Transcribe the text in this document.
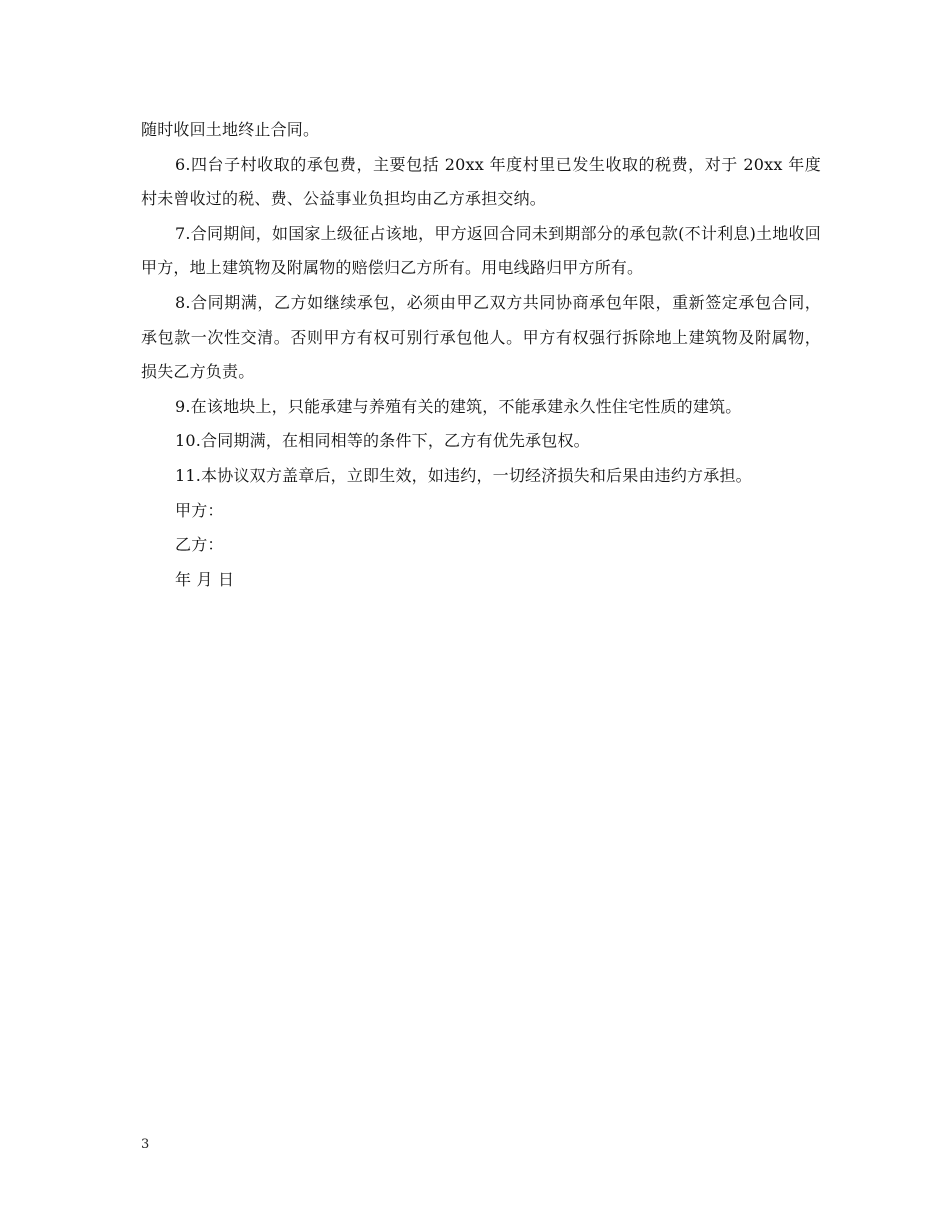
随时收回土地终止合同。

6.四台子村收取的承包费，主要包括 20xx 年度村里已发生收取的税费，对于 20xx 年度村未曾收过的税、费、公益事业负担均由乙方承担交纳。

7.合同期间，如国家上级征占该地，甲方返回合同未到期部分的承包款(不计利息)土地收回甲方，地上建筑物及附属物的赔偿归乙方所有。用电线路归甲方所有。

8.合同期满，乙方如继续承包，必须由甲乙双方共同协商承包年限，重新签定承包合同，承包款一次性交清。否则甲方有权可别行承包他人。甲方有权强行拆除地上建筑物及附属物，损失乙方负责。

9.在该地块上，只能承建与养殖有关的建筑，不能承建永久性住宅性质的建筑。

10.合同期满，在相同相等的条件下，乙方有优先承包权。

11.本协议双方盖章后，立即生效，如违约，一切经济损失和后果由违约方承担。

甲方：

乙方：

年 月 日

3
